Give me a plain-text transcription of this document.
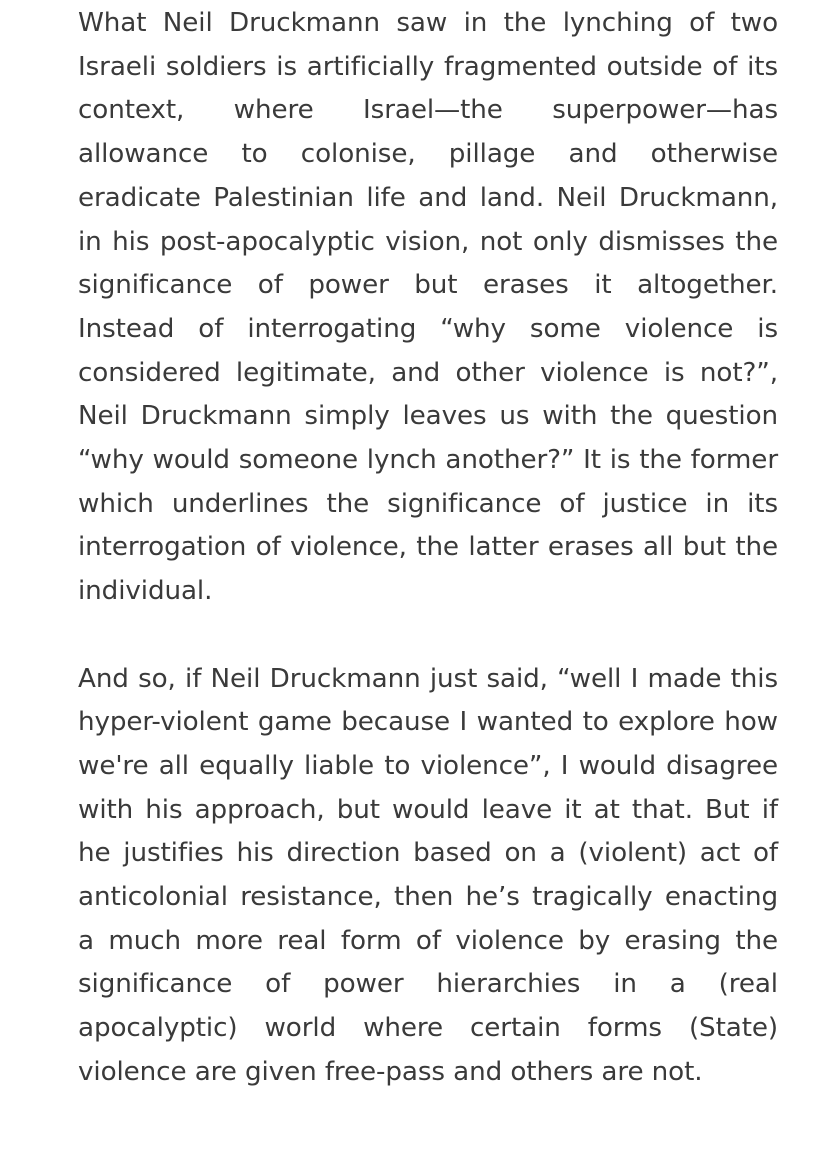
What Neil Druckmann saw in the lynching of two Israeli soldiers is artificially fragmented outside of its context, where Israel—the superpower—has allowance to colonise, pillage and otherwise eradicate Palestinian life and land. Neil Druckmann, in his post-apocalyptic vision, not only dismisses the significance of power but erases it altogether. Instead of interrogating “why some violence is considered legitimate, and other violence is not?”, Neil Druckmann simply leaves us with the question “why would someone lynch another?” It is the former which underlines the significance of justice in its interrogation of violence, the latter erases all but the individual.

And so, if Neil Druckmann just said, “well I made this hyper-violent game because I wanted to explore how we're all equally liable to violence”, I would disagree with his approach, but would leave it at that. But if he justifies his direction based on a (violent) act of anticolonial resistance, then he’s tragically enacting a much more real form of violence by erasing the significance of power hierarchies in a (real apocalyptic) world where certain forms (State) violence are given free-pass and others are not.
